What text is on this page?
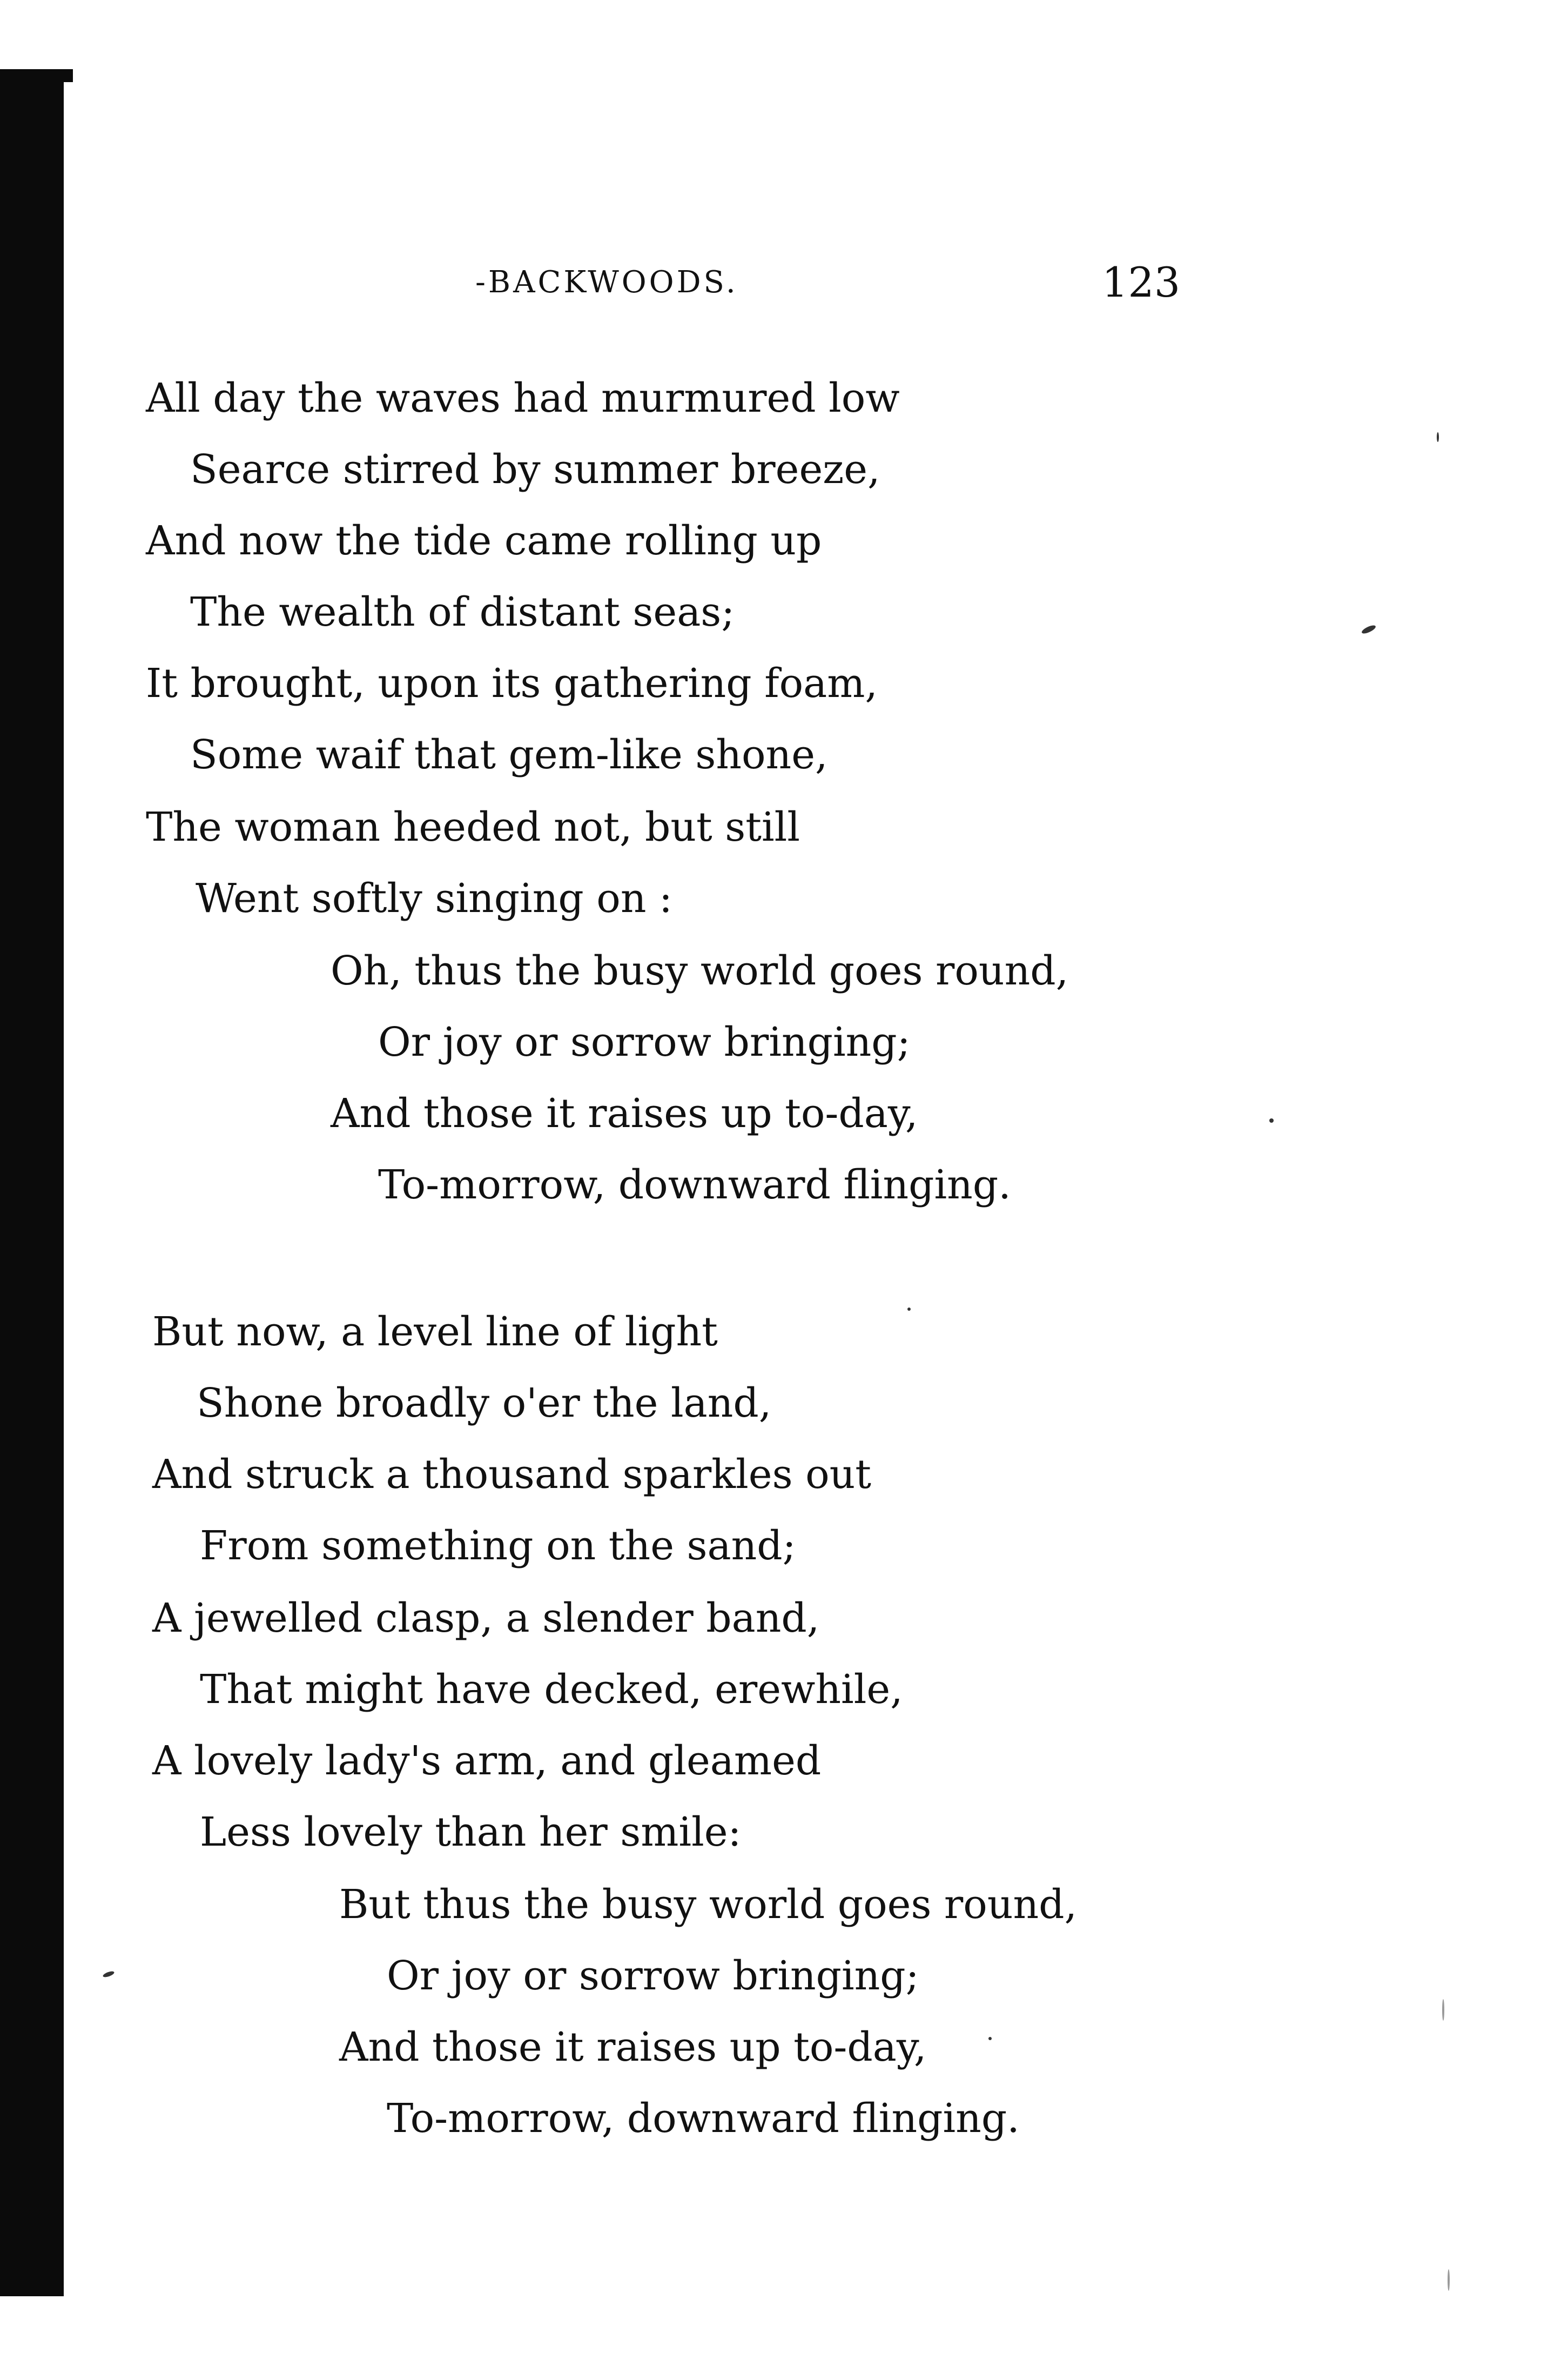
-BACKWOODS.	123
All day the waves had murmured low
Searce stirred by summer breeze,
And now the tide came rolling up
The wealth of distant seas;
It brought, upon its gathering foam,
Some waif that gem-like shone,
The woman heeded not, but still
Went softly singing on :
Oh, thus the busy world goes round,
Or joy or sorrow bringing;
And those it raises up to-day,
To-morrow, downward flinging.
But now, a level line of light
Shone broadly o'er the land,
And struck a thousand sparkles out
From something on the sand;
A jewelled clasp, a slender band,
That might have decked, erewhile,
A lovely lady's arm, and gleamed
Less lovely than her smile:
But thus the busy world goes round,
Or joy or sorrow bringing;
And those it raises up to-day,
To-morrow, downward flinging.
